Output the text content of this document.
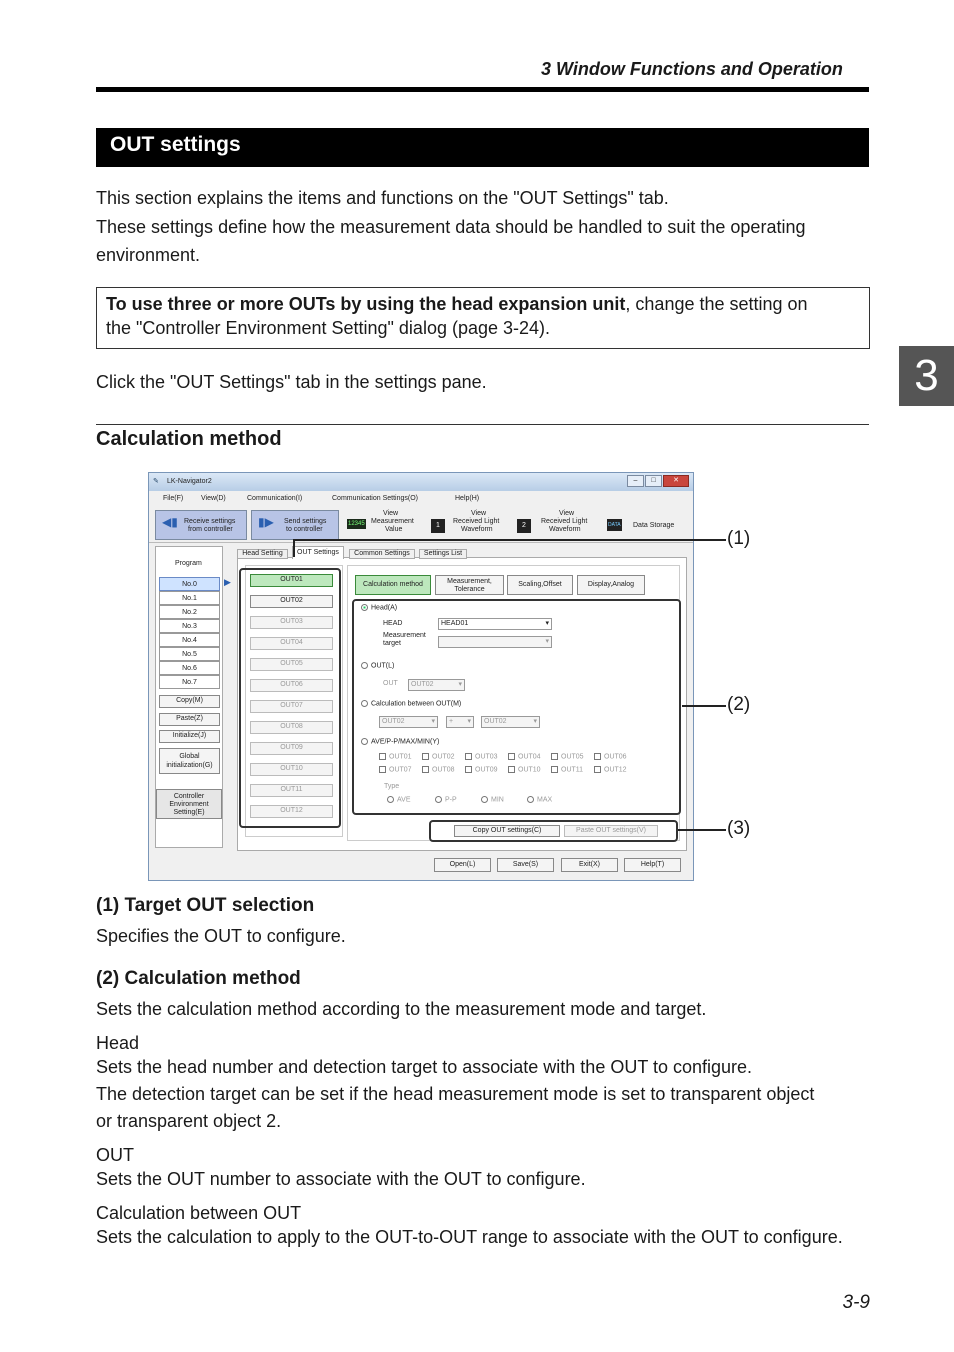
3 Window Functions and Operation
OUT settings
This section explains the items and functions on the "OUT Settings" tab.
These settings define how the measurement data should be handled to suit the operating
environment.
To use three or more OUTs by using the head expansion unit, change the setting on
the "Controller Environment Setting" dialog (page 3-24).
3
Click the "OUT Settings" tab in the settings pane.
Calculation method
✎ LK-Navigator2	–	□	✕
File(F)	View(D)	Communication(I)	Communication Settings(O)	Help(H)
◀▮ Receive settings
from controller
▮▶ Send settings
to controller
12345
View
Measurement
Value
1
View
Received Light
Waveform
2
View
Received Light
Waveform
DATA Data Storage
Program
No.0
No.1
No.2
No.3
No.4
No.5
No.6
No.7
▶
Copy(M)
Paste(Z)
Initialize(J)
Global
initialization(G)
Controller
Environment
Setting(E)
Head Setting	OUT Settings	Common Settings	Settings List
OUT01
OUT02
OUT03
OUT04
OUT05
OUT06
OUT07
OUT08
OUT09
OUT10
OUT11
OUT12
Calculation method	Measurement,
Tolerance
Scaling,Offset	Display,Analog
Head(A)
HEAD	HEAD01	▾
Measurement
target	▾
OUT(L)
OUT	OUT02	▾
Calculation between OUT(M)
OUT02	▾	+ ▾	OUT02	▾
AVE/P-P/MAX/MIN(Y)
OUT01	OUT02	OUT03	OUT04	OUT05	OUT06
OUT07	OUT08	OUT09	OUT10	OUT11	OUT12
Type
AVE	P-P	MIN	MAX
Copy OUT settings(C)	Paste OUT settings(V)
Open(L)	Save(S)	Exit(X)	Help(T)
(1)
(2)
(3)
(1) Target OUT selection
Specifies the OUT to configure.
(2) Calculation method
Sets the calculation method according to the measurement mode and target.
Head
Sets the head number and detection target to associate with the OUT to configure.
The detection target can be set if the head measurement mode is set to transparent object
or transparent object 2.
OUT
Sets the OUT number to associate with the OUT to configure.
Calculation between OUT
Sets the calculation to apply to the OUT-to-OUT range to associate with the OUT to configure.
3-9
